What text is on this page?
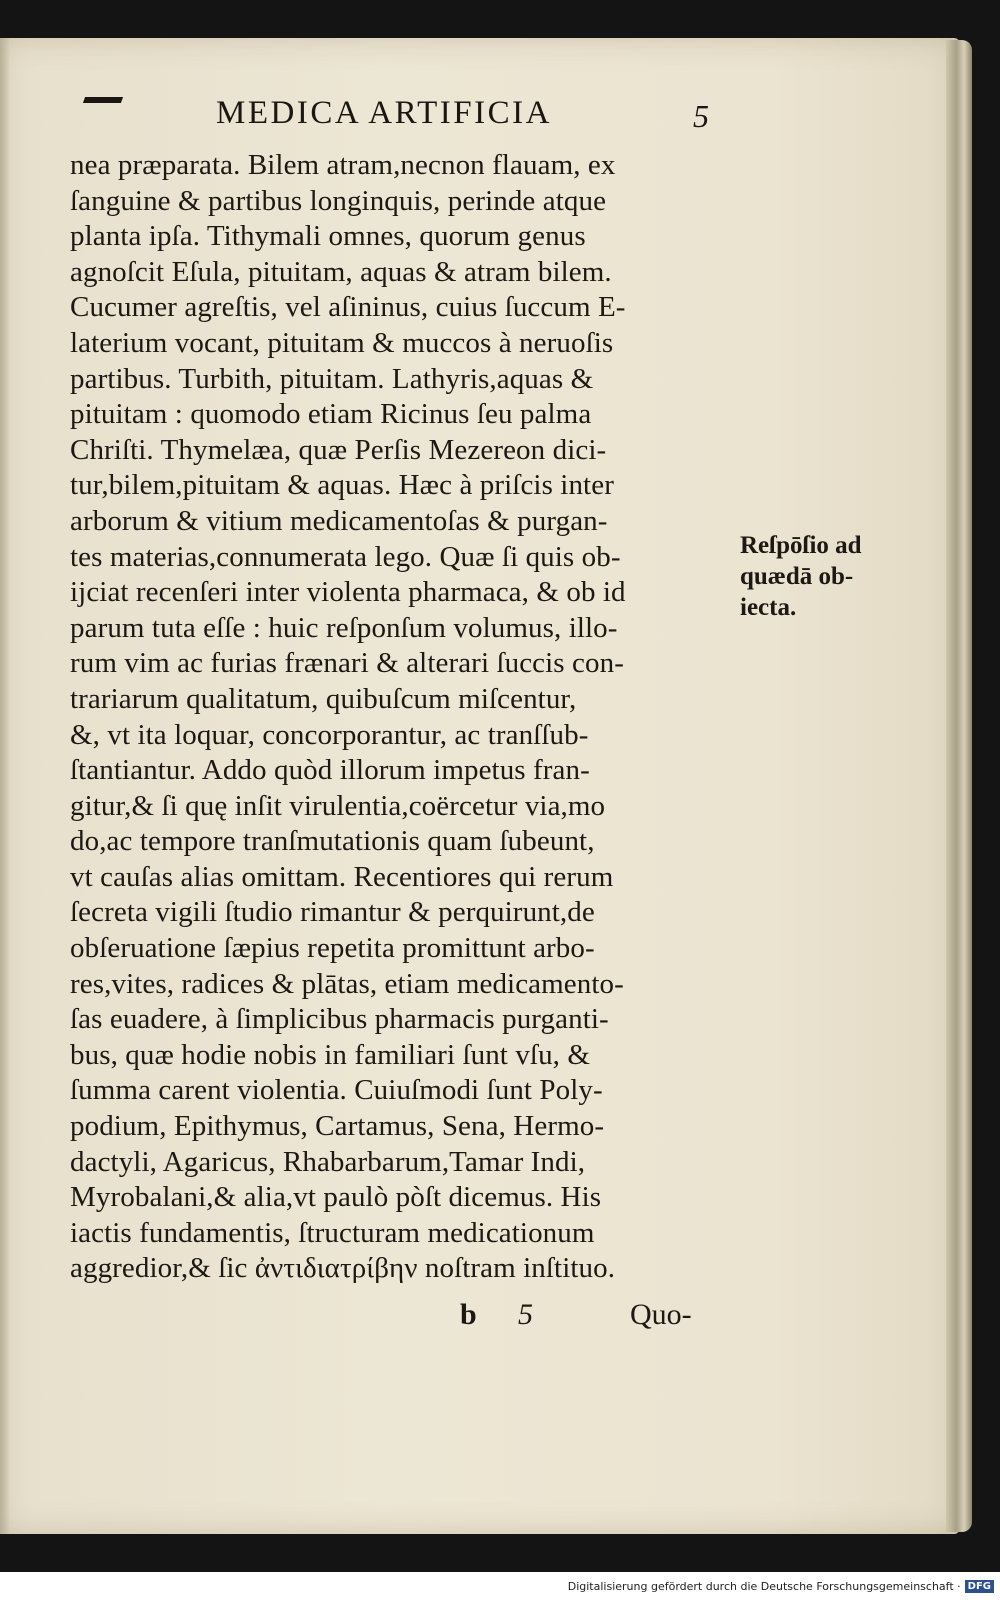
MEDICA ARTIFICIA	5
nea præparata. Bilem atram,necnon flauam, ex
ſanguine & partibus longinquis, perinde atque
planta ipſa. Tithymali omnes, quorum genus
agnoſcit Eſula, pituitam, aquas & atram bilem.
Cucumer agreſtis, vel aſininus, cuius ſuccum E-
laterium vocant, pituitam & muccos à neruoſis
partibus. Turbith, pituitam. Lathyris,aquas &
pituitam : quomodo etiam Ricinus ſeu palma
Chriſti. Thymelæa, quæ Perſis Mezereon dici-
tur,bilem,pituitam & aquas. Hæc à priſcis inter
arborum & vitium medicamentoſas & purgan-
tes materias,connumerata lego. Quæ ſi quis ob-
ijciat recenſeri inter violenta pharmaca, & ob id
parum tuta eſſe : huic reſponſum volumus, illo-
rum vim ac furias frænari & alterari ſuccis con-
trariarum qualitatum, quibuſcum miſcentur,
&, vt ita loquar, concorporantur, ac tranſſub-
ſtantiantur. Addo quòd illorum impetus fran-
gitur,& ſi quę inſit virulentia,coërcetur via,mo
do,ac tempore tranſmutationis quam ſubeunt,
vt cauſas alias omittam. Recentiores qui rerum
ſecreta vigili ſtudio rimantur & perquirunt,de
obſeruatione ſæpius repetita promittunt arbo-
res,vites, radices & plātas, etiam medicamento-
ſas euadere, à ſimplicibus pharmacis purganti-
bus, quæ hodie nobis in familiari ſunt vſu, &
ſumma carent violentia. Cuiuſmodi ſunt Poly-
podium, Epithymus, Cartamus, Sena, Hermo-
dactyli, Agaricus, Rhabarbarum,Tamar Indi,
Myrobalani,& alia,vt paulò pòſt dicemus. His
iactis fundamentis, ſtructuram medicationum
aggredior,& ſic ἀντιδιατρίβην noſtram inſtituo.
Reſpōſio ad
quædā ob-
iecta.
b 5	Quo-
Digitalisierung gefördert durch die Deutsche Forschungsgemeinschaft · DFG
